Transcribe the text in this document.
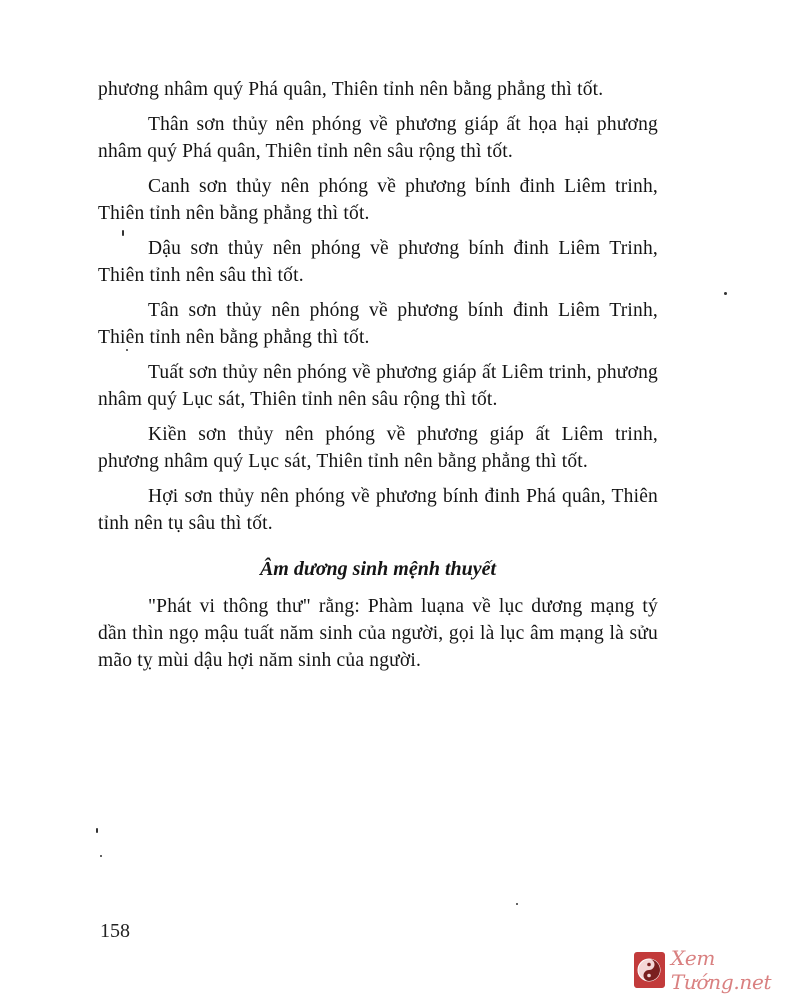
phương nhâm quý Phá quân, Thiên tỉnh nên bằng phẳng thì tốt.

Thân sơn thủy nên phóng về phương giáp ất họa hại phương nhâm quý Phá quân, Thiên tỉnh nên sâu rộng thì tốt.

Canh sơn thủy nên phóng về phương bính đinh Liêm trinh, Thiên tỉnh nên bằng phẳng thì tốt.

Dậu sơn thủy nên phóng về phương bính đinh Liêm Trinh, Thiên tỉnh nên sâu thì tốt.

Tân sơn thủy nên phóng về phương bính đinh Liêm Trinh, Thiên tỉnh nên bằng phẳng thì tốt.

Tuất sơn thủy nên phóng về phương giáp ất Liêm trinh, phương nhâm quý Lục sát, Thiên tỉnh nên sâu rộng thì tốt.

Kiền sơn thủy nên phóng về phương giáp ất Liêm trinh, phương nhâm quý Lục sát, Thiên tỉnh nên bằng phẳng thì tốt.

Hợi sơn thủy nên phóng về phương bính đinh Phá quân, Thiên tỉnh nên tụ sâu thì tốt.

Âm dương sinh mệnh thuyết

"Phát vi thông thư" rằng: Phàm luạna về lục dương mạng tý dần thìn ngọ mậu tuất năm sinh của người, gọi là lục âm mạng là sửu mão tỵ mùi dậu hợi năm sinh của người.

158
Xem Tướng.net
